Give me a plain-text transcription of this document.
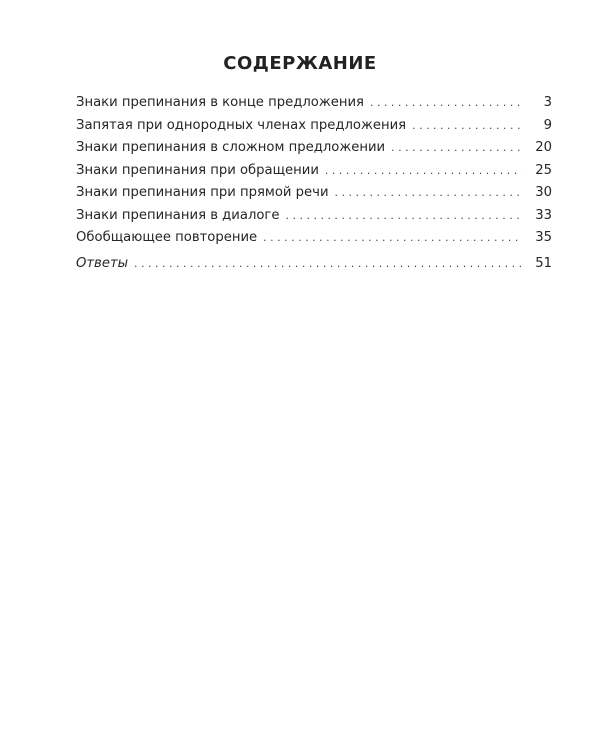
СОДЕРЖАНИЕ
Знаки препинания в конце предложения . . .	3
Запятая при однородных членах предложения . . .	9
Знаки препинания в сложном предложении . . .	20
Знаки препинания при обращении . . .	25
Знаки препинания при прямой речи . . .	30
Знаки препинания в диалоге . . .	33
Обобщающее повторение . . .	35
Ответы . . .	51
